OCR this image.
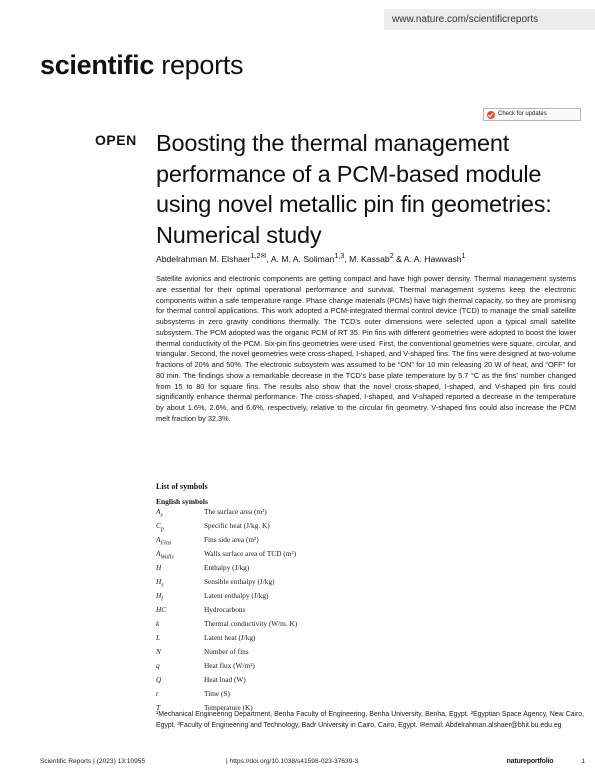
www.nature.com/scientificreports
scientific reports
Check for updates
OPEN Boosting the thermal management performance of a PCM-based module using novel metallic pin fin geometries: Numerical study
Abdelrahman M. Elshaer$^{1,2✉}$, A. M. A. Soliman$^{1,3}$, M. Kassab$^2$ & A. A. Hawwash$^1$

Satellite avionics and electronic components are getting compact and have high power density. Thermal management systems are essential for their optimal operational performance and survival. Thermal management systems keep the electronic components within a safe temperature range. Phase change materials (PCMs) have high thermal capacity, so they are promising for thermal control applications. This work adopted a PCM-integrated thermal control device (TCD) to manage the small satellite subsystems in zero gravity conditions thermally. The TCD’s outer dimensions were selected upon a typical small satellite subsystem. The PCM adopted was the organic PCM of RT 35. Pin fins with different geometries were adopted to boost the lower thermal conductivity of the PCM. Six-pin fins geometries were used. First, the conventional geometries were square, circular, and triangular. Second, the novel geometries were cross-shaped, I-shaped, and V-shaped fins. The fins were designed at two-volume fractions of 20% and 50%. The electronic subsystem was assumed to be “ON” for 10 min releasing 20 W of heat, and “OFF” for 80 min. The findings show a remarkable decrease in the TCD’s base plate temperature by 5.7 °C as the fins’ number changed from 15 to 80 for square fins. The results also show that the novel cross-shaped, I-shaped, and V-shaped pin fins could significantly enhance thermal performance. The cross-shaped, I-shaped, and V-shaped reported a decrease in the temperature by about 1.6%, 2.6%, and 6.6%, respectively, relative to the circular fin geometry. V-shaped fins could also increase the PCM melt fraction by 32.3%.

List of symbols
English symbols
$A_s$	The surface area (m²)
$C_p$	Specific heat (J/kg. K)
$A_{Fins}$	Fins side area (m²)
$A_{Walls}$	Walls surface area of TCD (m²)
H	Enthalpy (J/kg)
$H_s$	Sensible enthalpy (J/kg)
$H_l$	Latent enthalpy (J/kg)
HC	Hydrocarbons
k	Thermal conductivity (W/m. K)
L	Latent heat (J/kg)
N	Number of fins
q	Heat flux (W/m²)
Q	Heat load (W)
t	Time (S)
T	Temperature (K)

¹Mechanical Engineering Department, Benha Faculty of Engineering, Benha University, Benha, Egypt. ²Egyptian Space Agency, New Cairo, Egypt. ³Faculty of Engineering and Technology, Badr University in Cairo, Cairo, Egypt. ✉email: Abdelrahman.alshaer@bhit.bu.edu.eg

Scientific Reports | (2023) 13:10955	| https://doi.org/10.1038/s41598-023-37639-3	natureportfolio	1
